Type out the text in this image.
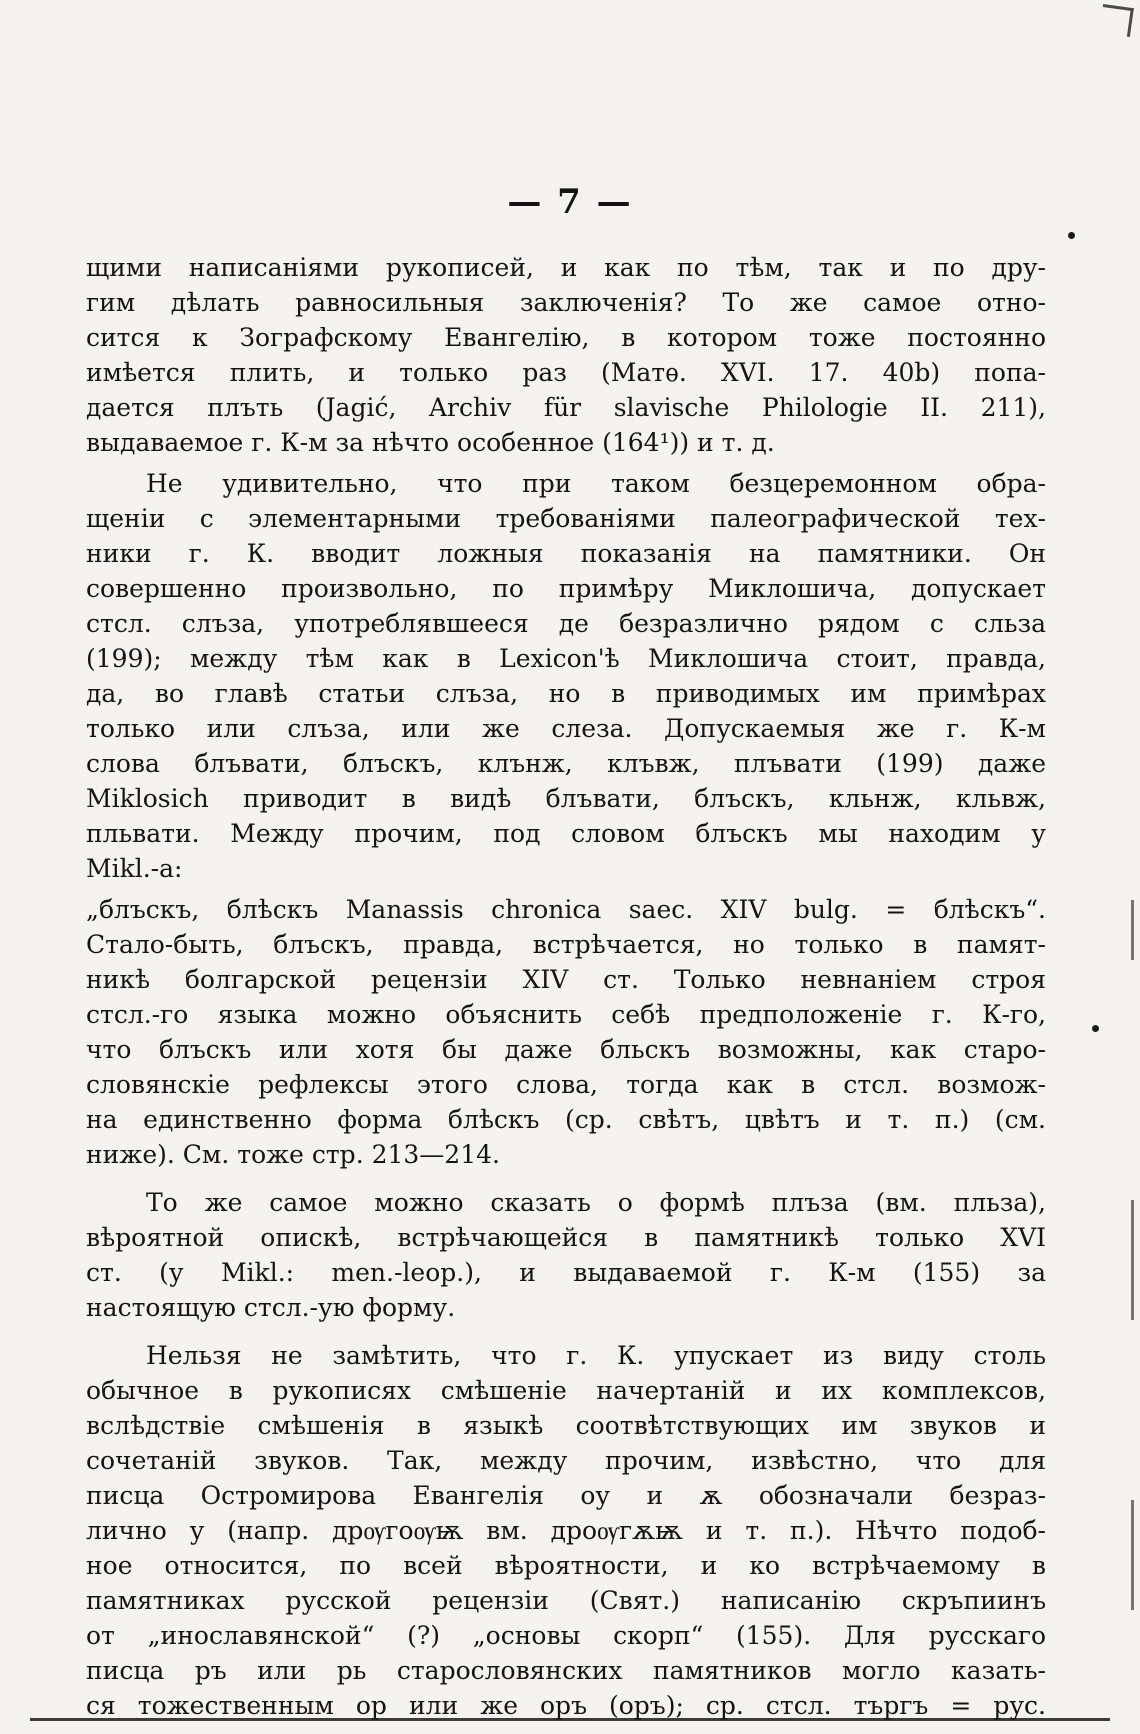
— 7 —
щими написаніями рукописей, и как по тѣм, так и по дру-
гим дѣлать равносильныя заключенія? То же самое отно-
сится к Зографскому Евангелію, в котором тоже постоянно
имѣется плить, и только раз (Матѳ. XVI. 17. 40b) попа-
дается плъть (Jagić, Archiv für slavische Philologie II. 211),
выдаваемое г. К-м за нѣчто особенное (164¹)) и т. д.
Не удивительно, что при таком безцеремонном обра-
щеніи с элементарными требованіями палеографической тех-
ники г. К. вводит ложныя показанія на памятники. Он
совершенно произвольно, по примѣру Миклошича, допускает
стсл. слъза, употреблявшееся де безразлично рядом с сльза
(199); между тѣм как в Lexicon'ѣ Миклошича стоит, правда,
да, во главѣ статьи слъза, но в приводимых им примѣрах
только или слъза, или же слеза. Допускаемыя же г. К-м
слова блъвати, блъскъ, клънж, клъвж, плъвати (199) даже
Miklosich приводит в видѣ блъвати, блъскъ, кльнж, кльвж,
пльвати. Между прочим, под словом блъскъ мы находим у
Mikl.-а:
„блъскъ, блѣскъ Manassis chronica saec. XIV bulg. = блѣскъ“.
Стало-быть, блъскъ, правда, встрѣчается, но только в памят-
никѣ болгарской рецензіи XIV ст. Только невнаніем строя
стсл.-го языка можно объяснить себѣ предположеніе г. К-го,
что блъскъ или хотя бы даже бльскъ возможны, как старо-
словянскіе рефлексы этого слова, тогда как в стсл. возмож-
на единственно форма блѣскъ (ср. свѣтъ, цвѣтъ и т. п.) (см.
ниже). См. тоже стр. 213—214.
То же самое можно сказать о формѣ плъза (вм. пльза),
вѣроятной опискѣ, встрѣчающейся в памятникѣ только XVI
ст. (у Mikl.: men.-leop.), и выдаваемой г. К-м (155) за
настоящую стсл.-ую форму.
Нельзя не замѣтить, что г. К. упускает из виду столь
обычное в рукописях смѣшеніе начертаній и их комплексов,
вслѣдствіе смѣшенія в языкѣ соотвѣтствующих им звуков и
сочетаній звуков. Так, между прочим, извѣстно, что для
писца Остромирова Евангелія оу и ѫ обозначали безраз-
лично у (напр. дрѹгоѹѭ вм. дроѹгѫѭ и т. п.). Нѣчто подоб-
ное относится, по всей вѣроятности, и ко встрѣчаемому в
памятниках русской рецензіи (Свят.) написанію скръпиинъ
от „инославянской“ (?) „основы скорп“ (155). Для русскаго
писца ръ или рь старословянских памятников могло казать-
ся тожественным ор или же оръ (оръ); ср. стсл. търгъ = рус.
